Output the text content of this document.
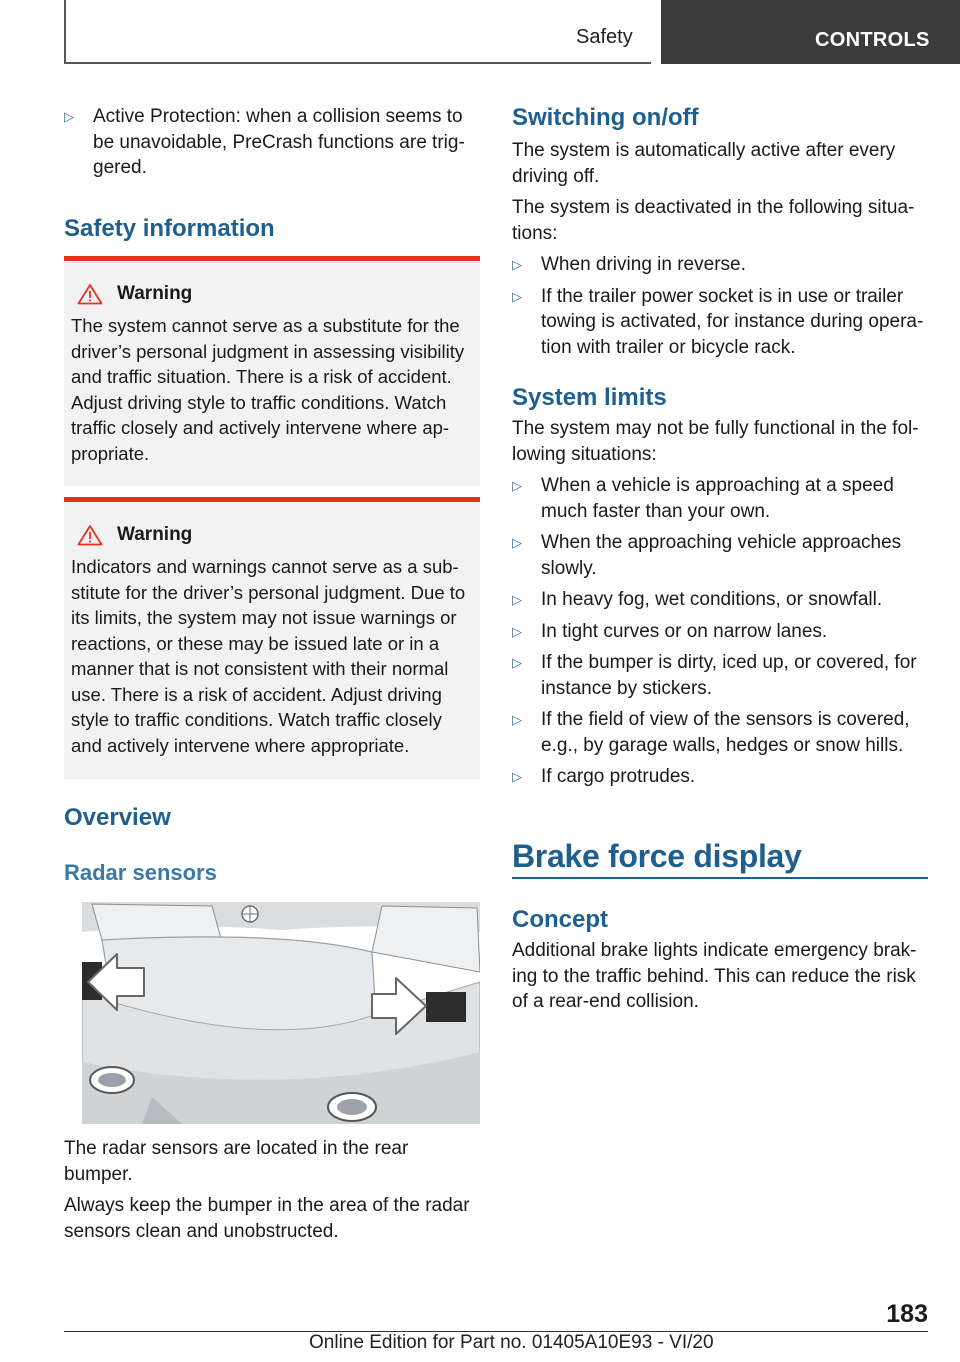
Safety	CONTROLS
▷ Active Protection: when a collision seems to be unavoidable, PreCrash functions are triggered.
Safety information
Warning
The system cannot serve as a substitute for the driver’s personal judgment in assessing visibility and traffic situation. There is a risk of accident. Adjust driving style to traffic conditions. Watch traffic closely and actively intervene where appropriate.
Warning
Indicators and warnings cannot serve as a substitute for the driver’s personal judgment. Due to its limits, the system may not issue warnings or reactions, or these may be issued late or in a manner that is not consistent with their normal use. There is a risk of accident. Adjust driving style to traffic conditions. Watch traffic closely and actively intervene where appropriate.
Overview
Radar sensors

The radar sensors are located in the rear bumper.

Always keep the bumper in the area of the radar sensors clean and unobstructed.

Switching on/off

The system is automatically active after every driving off.

The system is deactivated in the following situations:

▷ When driving in reverse.
▷ If the trailer power socket is in use or trailer towing is activated, for instance during operation with trailer or bicycle rack.
System limits

The system may not be fully functional in the following situations:

▷ When a vehicle is approaching at a speed much faster than your own.
▷ When the approaching vehicle approaches slowly.
▷ In heavy fog, wet conditions, or snowfall.
▷ In tight curves or on narrow lanes.
▷ If the bumper is dirty, iced up, or covered, for instance by stickers.
▷ If the field of view of the sensors is covered, e.g., by garage walls, hedges or snow hills.
▷ If cargo protrudes.
Brake force display
Concept

Additional brake lights indicate emergency braking to the traffic behind. This can reduce the risk of a rear-end collision.

183
Online Edition for Part no. 01405A10E93 - VI/20
